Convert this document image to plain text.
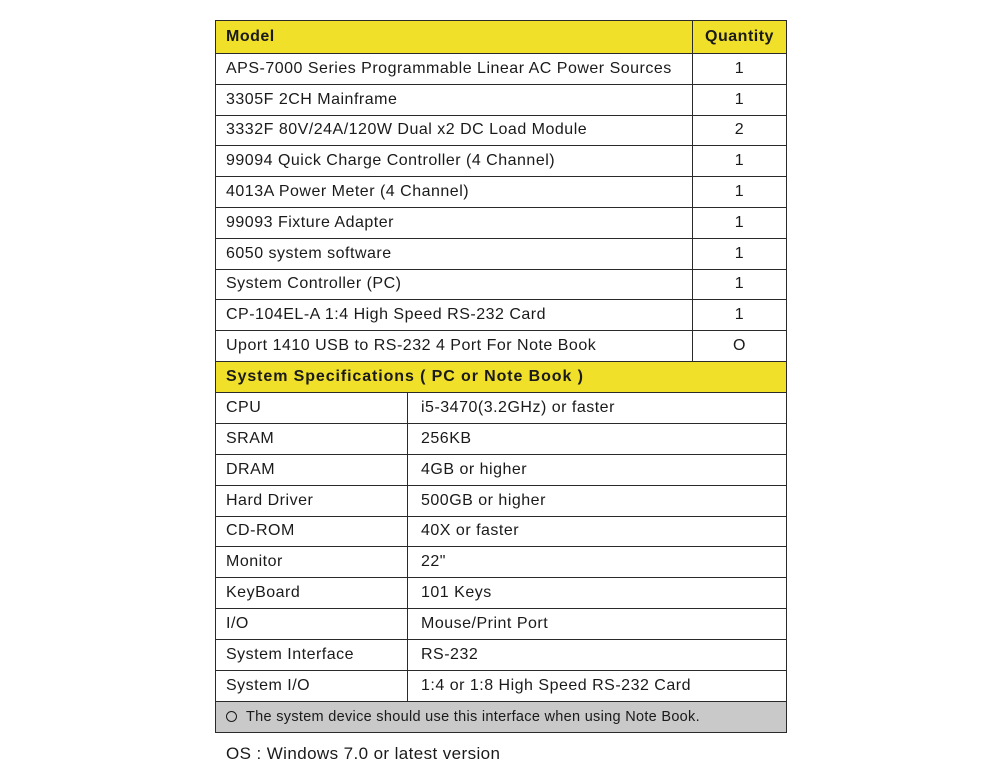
Model	Quantity
APS-7000 Series Programmable Linear AC Power Sources	1
3305F 2CH Mainframe	1
3332F 80V/24A/120W Dual x2 DC Load Module	2
99094 Quick Charge Controller (4 Channel)	1
4013A Power Meter (4 Channel)	1
99093 Fixture Adapter	1
6050 system software	1
System Controller (PC)	1
CP-104EL-A 1:4 High Speed RS-232 Card	1
Uport 1410 USB to RS-232 4 Port For Note Book	O
System Specifications ( PC or Note Book )
CPU	i5-3470(3.2GHz) or faster
SRAM	256KB
DRAM	4GB or higher
Hard Driver	500GB or higher
CD-ROM	40X or faster
Monitor	22"
KeyBoard	101 Keys
I/O	Mouse/Print Port
System Interface	RS-232
System I/O	1:4 or 1:8 High Speed RS-232 Card
The system device should use this interface when using Note Book.
OS : Windows 7.0 or latest version
